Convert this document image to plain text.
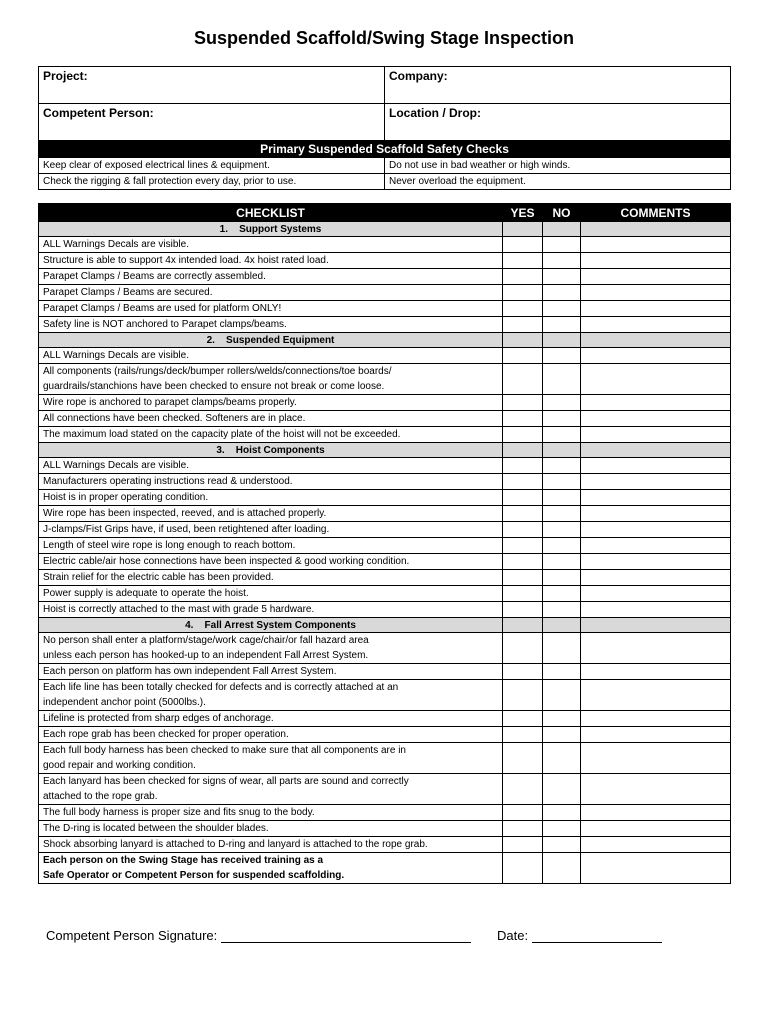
Suspended Scaffold/Swing Stage Inspection
Project:	Company:
Competent Person:	Location / Drop:
Primary Suspended Scaffold Safety Checks	
Keep clear of exposed electrical lines & equipment.	Do not use in bad weather or high winds.
Check the rigging & fall protection every day, prior to use.	Never overload the equipment.
CHECKLIST	YES	NO	COMMENTS
1.    Support Systems			
ALL Warnings Decals are visible.			
Structure is able to support 4x intended load. 4x hoist rated load.			
Parapet Clamps / Beams are correctly assembled.			
Parapet Clamps / Beams are secured.			
Parapet Clamps / Beams are used for platform ONLY!			
Safety line is NOT anchored to Parapet clamps/beams.			
2.    Suspended Equipment			
ALL Warnings Decals are visible.			
All components (rails/rungs/deck/bumper rollers/welds/connections/toe boards/
guardrails/stanchions have been checked to ensure not break or come loose.			
Wire rope is anchored to parapet clamps/beams properly.			
All connections have been checked. Softeners are in place.			
The maximum load stated on the capacity plate of the hoist will not be exceeded.			
3.    Hoist Components			
ALL Warnings Decals are visible.			
Manufacturers operating instructions read & understood.			
Hoist is in proper operating condition.			
Wire rope has been inspected, reeved, and is attached properly.			
J-clamps/Fist Grips have, if used, been retightened after loading.			
Length of steel wire rope is long enough to reach bottom.			
Electric cable/air hose connections have been inspected & good working condition.			
Strain relief for the electric cable has been provided.			
Power supply is adequate to operate the hoist.			
Hoist is correctly attached to the mast with grade 5 hardware.			
4.    Fall Arrest System Components			
No person shall enter a platform/stage/work cage/chair/or fall hazard area
unless each person has hooked-up to an independent Fall Arrest System.			
Each person on platform has own independent Fall Arrest System.			
Each life line has been totally checked for defects and is correctly attached at an
independent anchor point (5000lbs.).			
Lifeline is protected from sharp edges of anchorage.			
Each rope grab has been checked for proper operation.			
Each full body harness has been checked to make sure that all components are in
good repair and working condition.			
Each lanyard has been checked for signs of wear, all parts are sound and correctly
attached to the rope grab.			
The full body harness is proper size and fits snug to the body.			
The D-ring is located between the shoulder blades.			
Shock absorbing lanyard is attached to D-ring and lanyard is attached to the rope grab.			
Each person on the Swing Stage has received training as a
Safe Operator or Competent Person for suspended scaffolding.			
Competent Person Signature:	Date:
